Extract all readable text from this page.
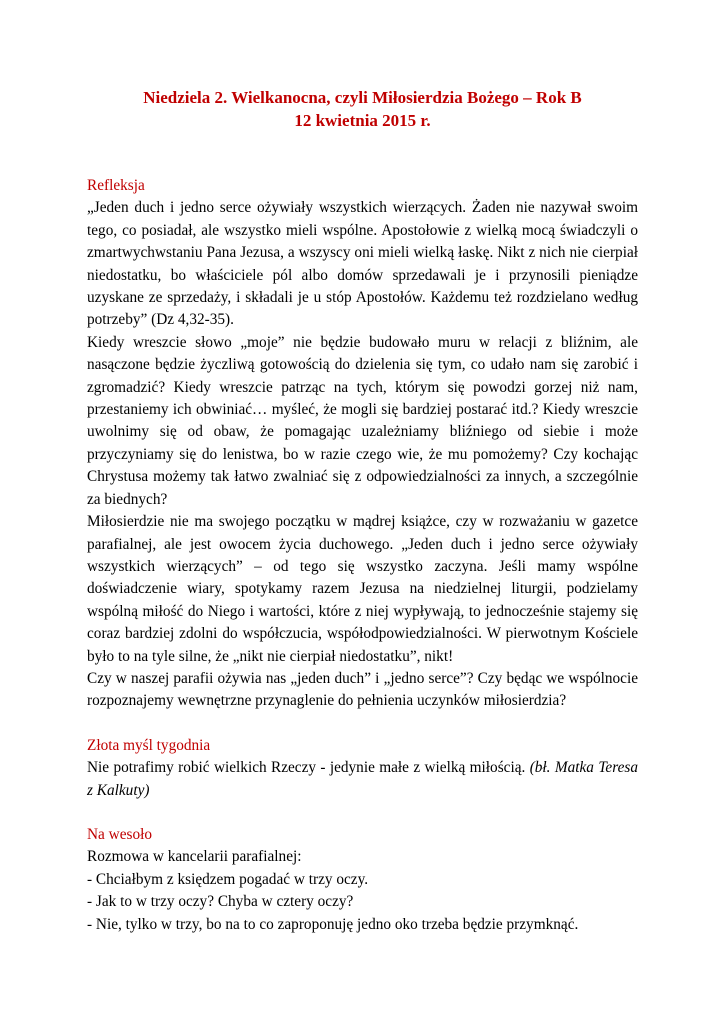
Niedziela 2. Wielkanocna, czyli Miłosierdzia Bożego – Rok B
12 kwietnia 2015 r.
Refleksja
„Jeden duch i jedno serce ożywiały wszystkich wierzących. Żaden nie nazywał swoim tego, co posiadał, ale wszystko mieli wspólne. Apostołowie z wielką mocą świadczyli o zmartwychwstaniu Pana Jezusa, a wszyscy oni mieli wielką łaskę. Nikt z nich nie cierpiał niedostatku, bo właściciele pól albo domów sprzedawali je i przynosili pieniądze uzyskane ze sprzedaży, i składali je u stóp Apostołów. Każdemu też rozdzielano według potrzeby” (Dz 4,32-35).
Kiedy wreszcie słowo „moje” nie będzie budowało muru w relacji z bliźnim, ale nasączone będzie życzliwą gotowością do dzielenia się tym, co udało nam się zarobić i zgromadzić? Kiedy wreszcie patrząc na tych, którym się powodzi gorzej niż nam, przestaniemy ich obwiniać… myśleć, że mogli się bardziej postarać itd.? Kiedy wreszcie uwolnimy się od obaw, że pomagając uzależniamy bliźniego od siebie i może przyczyniamy się do lenistwa, bo w razie czego wie, że mu pomożemy? Czy kochając Chrystusa możemy tak łatwo zwalniać się z odpowiedzialności za innych, a szczególnie za biednych?
Miłosierdzie nie ma swojego początku w mądrej książce, czy w rozważaniu w gazetce parafialnej, ale jest owocem życia duchowego. „Jeden duch i jedno serce ożywiały wszystkich wierzących” – od tego się wszystko zaczyna. Jeśli mamy wspólne doświadczenie wiary, spotykamy razem Jezusa na niedzielnej liturgii, podzielamy wspólną miłość do Niego i wartości, które z niej wypływają, to jednocześnie stajemy się coraz bardziej zdolni do współczucia, współodpowiedzialności. W pierwotnym Kościele było to na tyle silne, że „nikt nie cierpiał niedostatku”, nikt!
Czy w naszej parafii ożywia nas „jeden duch” i „jedno serce”? Czy będąc we wspólnocie rozpoznajemy wewnętrzne przynaglenie do pełnienia uczynków miłosierdzia?
Złota myśl tygodnia
Nie potrafimy robić wielkich Rzeczy - jedynie małe z wielką miłością. (bł. Matka Teresa z Kalkuty)
Na wesoło
Rozmowa w kancelarii parafialnej:
- Chciałbym z księdzem pogadać w trzy oczy.
- Jak to w trzy oczy? Chyba w cztery oczy?
- Nie, tylko w trzy, bo na to co zaproponuję jedno oko trzeba będzie przymknąć.
